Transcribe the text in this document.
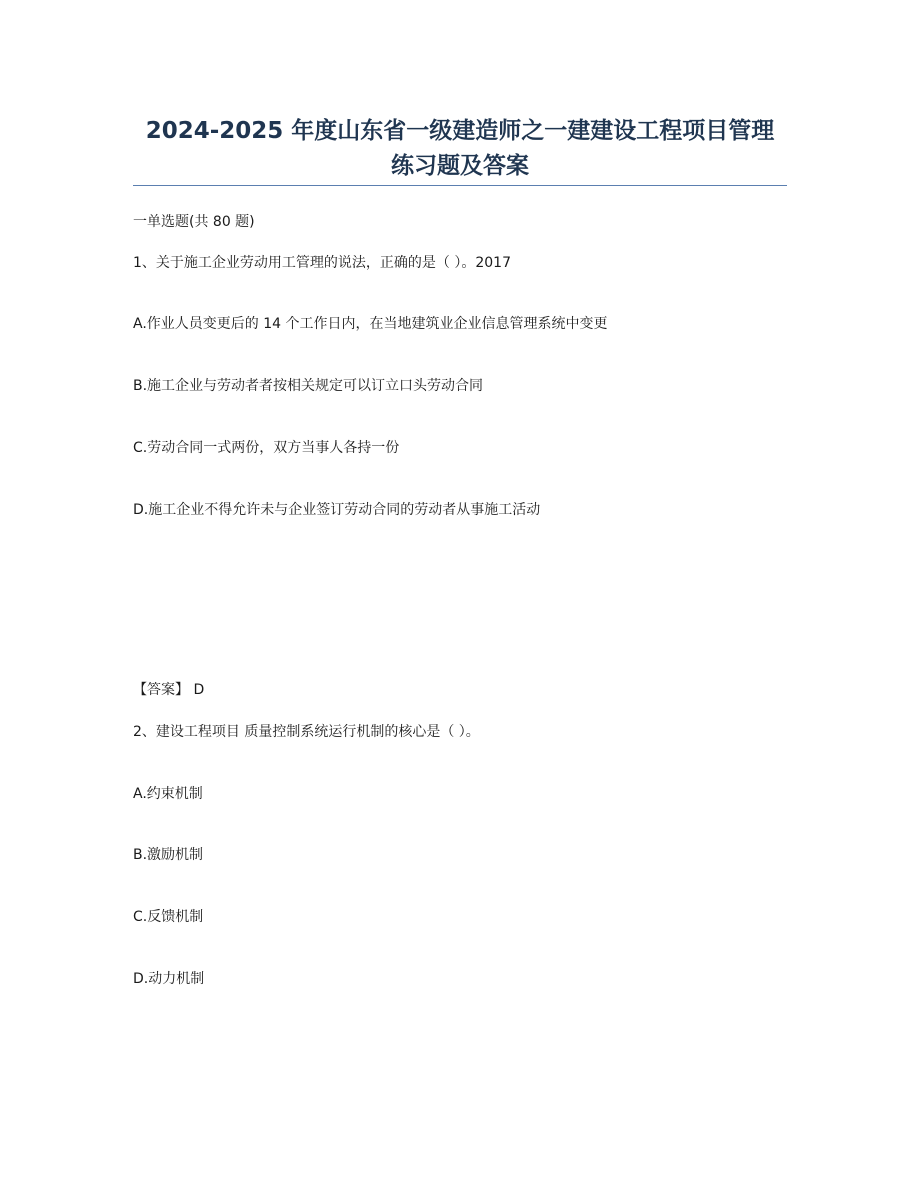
2024-2025 年度山东省一级建造师之一建建设工程项目管理
练习题及答案
一单选题(共 80 题)
1、关于施工企业劳动用工管理的说法，正确的是（ ）。2017
A.作业人员变更后的 14 个工作日内，在当地建筑业企业信息管理系统中变更
B.施工企业与劳动者者按相关规定可以订立口头劳动合同
C.劳动合同一式两份，双方当事人各持一份
D.施工企业不得允许未与企业签订劳动合同的劳动者从事施工活动
【答案】 D
2、建设工程项目 质量控制系统运行机制的核心是（ ）。
A.约束机制
B.激励机制
C.反馈机制
D.动力机制
